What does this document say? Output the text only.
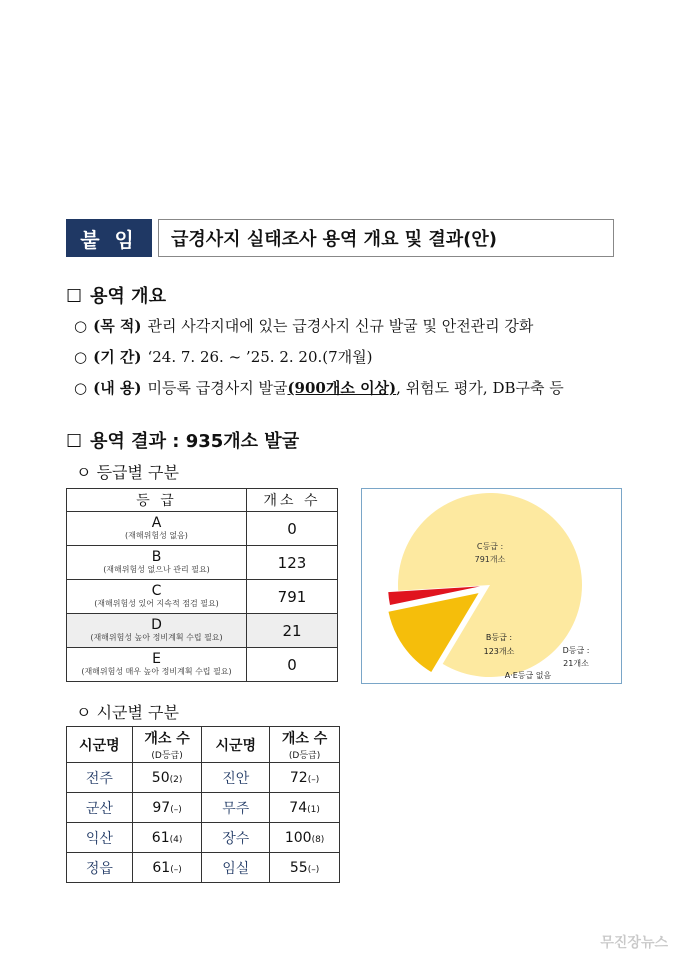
붙 임	급경사지 실태조사 용역 개요 및 결과(안)
☐ 용역 개요
○ (목 적) 관리 사각지대에 있는 급경사지 신규 발굴 및 안전관리 강화
○ (기 간) ‘24. 7. 26. ~ ’25. 2. 20.(7개월)
○ (내 용) 미등록 급경사지 발굴(900개소 이상), 위험도 평가, DB구축 등
☐ 용역 결과 : 935개소 발굴
ㅇ 등급별 구분
등 급	개소 수

A
(재해위험성 없음)	0

B
(재해위험성 없으나 관리 필요)	123

C
(재해위험성 있어 지속적 점검 필요)	791

D
(재해위험성 높아 정비계획 수립 필요)	21

E
(재해위험성 매우 높아 정비계획 수립 필요)	0
C등급 :
791개소
B등급 :
123개소	D등급 :
21개소
A·E등급 없음
ㅇ 시군별 구분
시군명	개소 수
(D등급)	시군명	개소 수
(D등급)

전주	50(2)	진안	72(–)
군산	97(–)	무주	74(1)
익산	61(4)	장수	100(8)
정읍	61(–)	임실	55(–)
무진장뉴스
